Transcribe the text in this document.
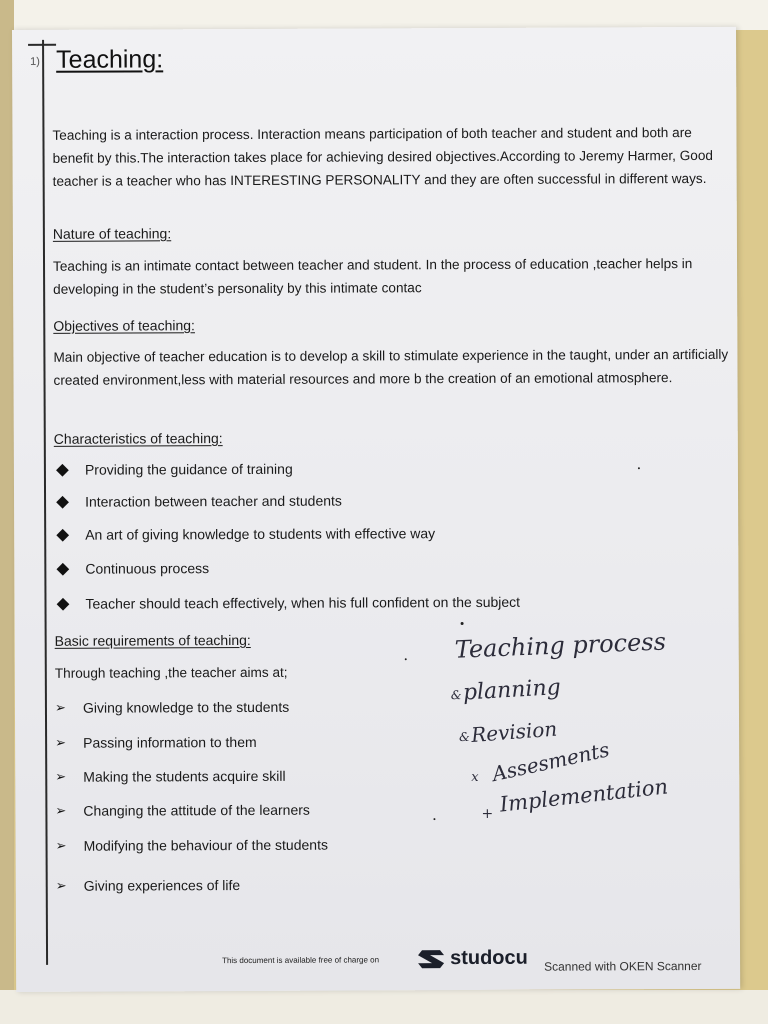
1) Teaching:
Teaching is a interaction process. Interaction means participation of both teacher and student and both are benefit by this.The interaction takes place for achieving desired objectives.According to Jeremy Harmer, Good teacher is a teacher who has INTERESTING PERSONALITY and they are often successful in different ways.
Nature of teaching:
Teaching is an intimate contact between teacher and student. In the process of education ,teacher helps in developing in the student’s personality by this intimate contac
Objectives of teaching:
Main objective of teacher education is to develop a skill to stimulate experience in the taught, under an artificially created environment,less with material resources and more b the creation of an emotional atmosphere.
Characteristics of teaching:
Providing the guidance of training
Interaction between teacher and students
An art of giving knowledge to students with effective way
Continuous process
Teacher should teach effectively, when his full confident on the subject
Basic requirements of teaching:
Through teaching ,the teacher aims at;
➢ Giving knowledge to the students
➢ Passing information to them
➢ Making the students acquire skill
➢ Changing the attitude of the learners
➢ Modifying the behaviour of the students
➢ Giving experiences of life
Teaching process
& planning
& Revision
x Assesments
+ Implementation
This document is available free of charge on	studocu Scanned with OKEN Scanner
